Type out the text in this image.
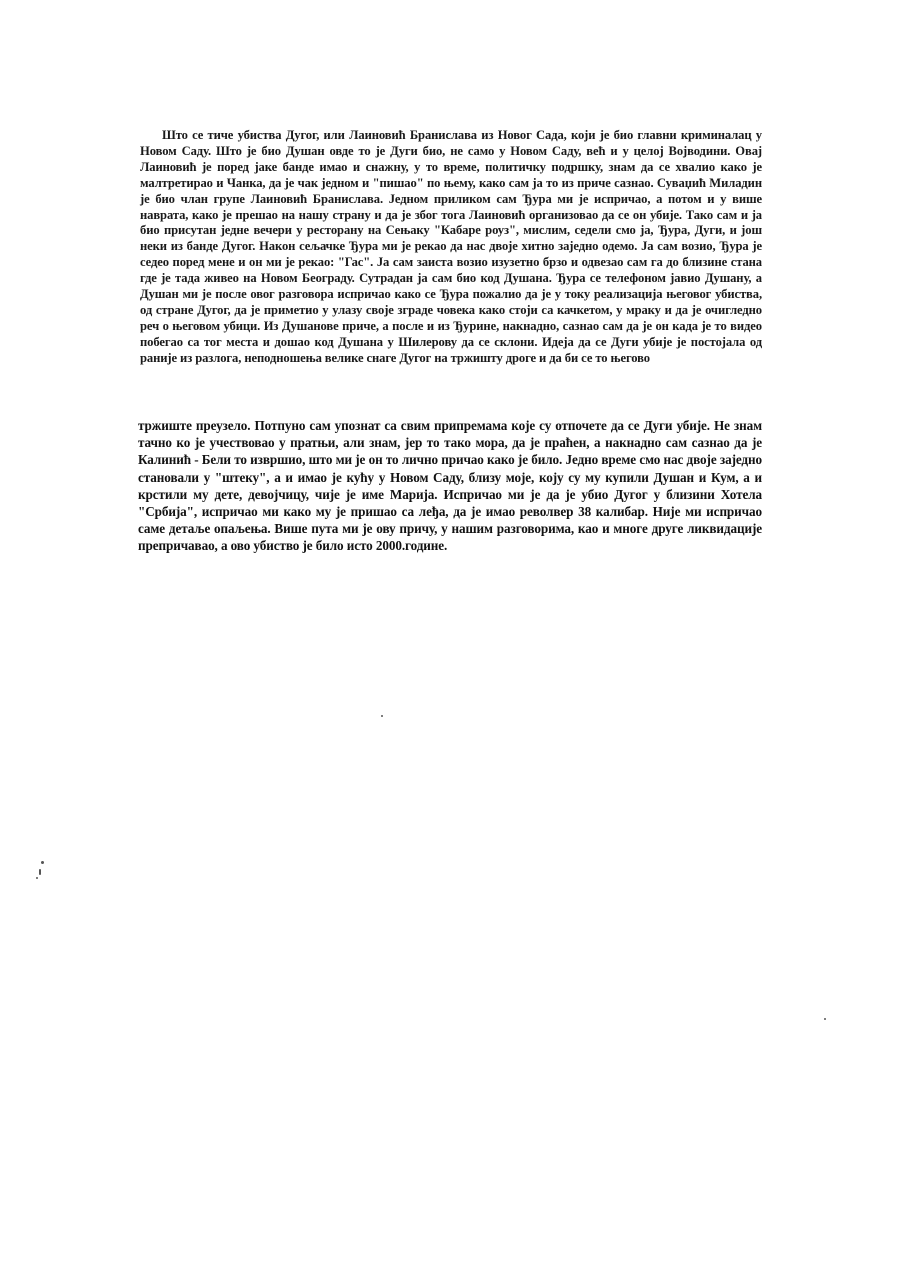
Што се тиче убиства Дугог, или Лаиновић Бранислава из Новог Сада, који је био главни криминалац у Новом Саду. Што је био Душан овде то је Дуги био, не само у Новом Саду, већ и у целој Војводини. Овај Лаиновић је поред јаке банде имао и снажну, у то време, политичку подршку, знам да се хвалио како је малтретирао и Чанка, да је чак једном и "пишао" по њему, како сам ја то из приче сазнао. Суваџић Миладин је био члан групе Лаиновић Бранислава. Једном приликом сам Ђура ми је испричао, а потом и у више наврата, како је прешао на нашу страну и да је због тога Лаиновић организовао да се он убије. Тако сам и ја био присутан једне вечери у ресторану на Сењаку "Кабаре роуз", мислим, седели смо ја, Ђура, Дуги, и још неки из банде Дугог. Након сељачке Ђура ми је рекао да нас двоје хитно заједно одемо. Ја сам возио, Ђура је седео поред мене и он ми је рекао: "Гас". Ја сам заиста возио изузетно брзо и одвезао сам га до близине стана где је тада живео на Новом Београду. Сутрадан ја сам био код Душана. Ђура се телефоном јавио Душану, а Душан ми је после овог разговора испричао како се Ђура пожалио да је у току реализација његовог убиства, од стране Дугог, да је приметио у улазу своје зграде човека како стоји са качкетом, у мраку и да је очигледно реч о његовом убици. Из Душанове приче, а после и из Ђурине, накнадно, сазнао сам да је он када је то видео побегао са тог места и дошао код Душана у Шилерову да се склони. Идеја да се Дуги убије је постојала од раније из разлога, неподношења велике снаге Дугог на тржишту дроге и да би се то његово

тржиште преузело. Потпуно сам упознат са свим припремама које су отпочете да се Дуги убије. Не знам тачно ко је учествовао у пратњи, али знам, јер то тако мора, да је праћен, а накнадно сам сазнао да је Калинић - Бели то извршио, што ми је он то лично причао како је било. Једно време смо нас двоје заједно становали у "штеку", а и имао је кућу у Новом Саду, близу моје, коју су му купили Душан и Кум, а и крстили му дете, девојчицу, чије је име Марија. Испричао ми је да је убио Дугог у близини Хотела "Србија", испричао ми како му је пришао са леђа, да је имао револвер 38 калибар. Није ми испричао саме детаље опаљења. Више пута ми је ову причу, у нашим разговорима, као и многе друге ликвидације препричавао, а ово убиство је било исто 2000.године.
